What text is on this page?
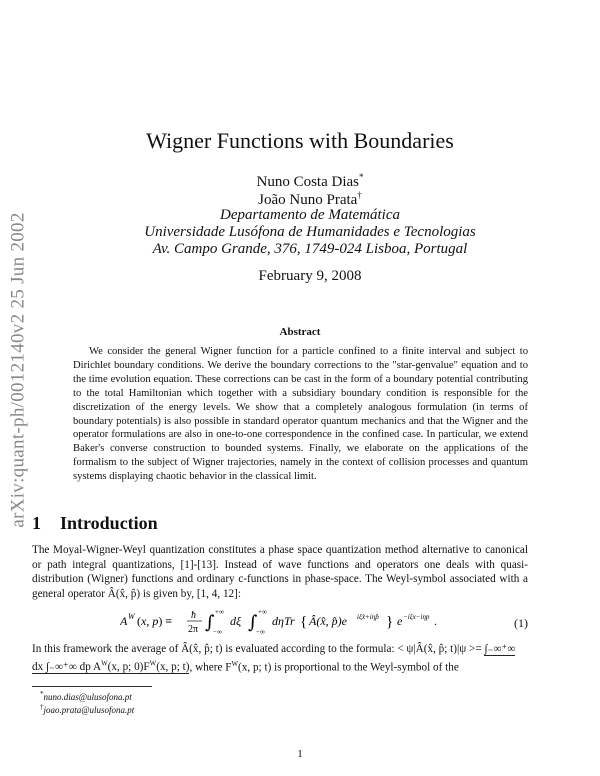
arXiv:quant-ph/0012140v2 25 Jun 2002
Wigner Functions with Boundaries
Nuno Costa Dias*
João Nuno Prata†
Departamento de Matemática
Universidade Lusófona de Humanidades e Tecnologias
Av. Campo Grande, 376, 1749-024 Lisboa, Portugal
February 9, 2008
Abstract

We consider the general Wigner function for a particle confined to a finite interval and subject to Dirichlet boundary conditions. We derive the boundary corrections to the "star-genvalue" equation and to the time evolution equation. These corrections can be cast in the form of a boundary potential contributing to the total Hamiltonian which together with a subsidiary boundary condition is responsible for the discretization of the energy levels. We show that a completely analogous formulation (in terms of boundary potentials) is also possible in standard operator quantum mechanics and that the Wigner and the operator formulations are also in one-to-one correspondence in the confined case. In particular, we extend Baker's converse construction to bounded systems. Finally, we elaborate on the applications of the formalism to the subject of Wigner trajectories, namely in the context of collision processes and quantum systems displaying chaotic behavior in the classical limit.

1 Introduction

The Moyal-Wigner-Weyl quantization constitutes a phase space quantization method alternative to canonical or path integral quantizations, [1]-[13]. Instead of wave functions and operators one deals with quasi-distribution (Wigner) functions and ordinary c-functions in phase-space. The Weyl-symbol associated with a general operator Â(x̂, p̂) is given by, [1, 4, 12]:

A W (x, p) ≡ ħ
2π ∫ +∞
−∞
dξ ∫ +∞
−∞
dηTr { Â(x̂, p̂)e iξx̂+iηp̂ } e −iξx−iηp .	(1)

In this framework the average of Â(x̂, p̂; t) is evaluated according to the formula: < ψ|Â(x̂, p̂; t)|ψ >= ∫₋∞⁺∞ dx ∫₋∞⁺∞ dp $A^W(x$, p; $0)F^W(x$, p; t), where $F^W(x$, p; t) is proportional to the Weyl-symbol of the

*nuno.dias@ulusofona.pt
†joao.prata@ulusofona.pt
1
